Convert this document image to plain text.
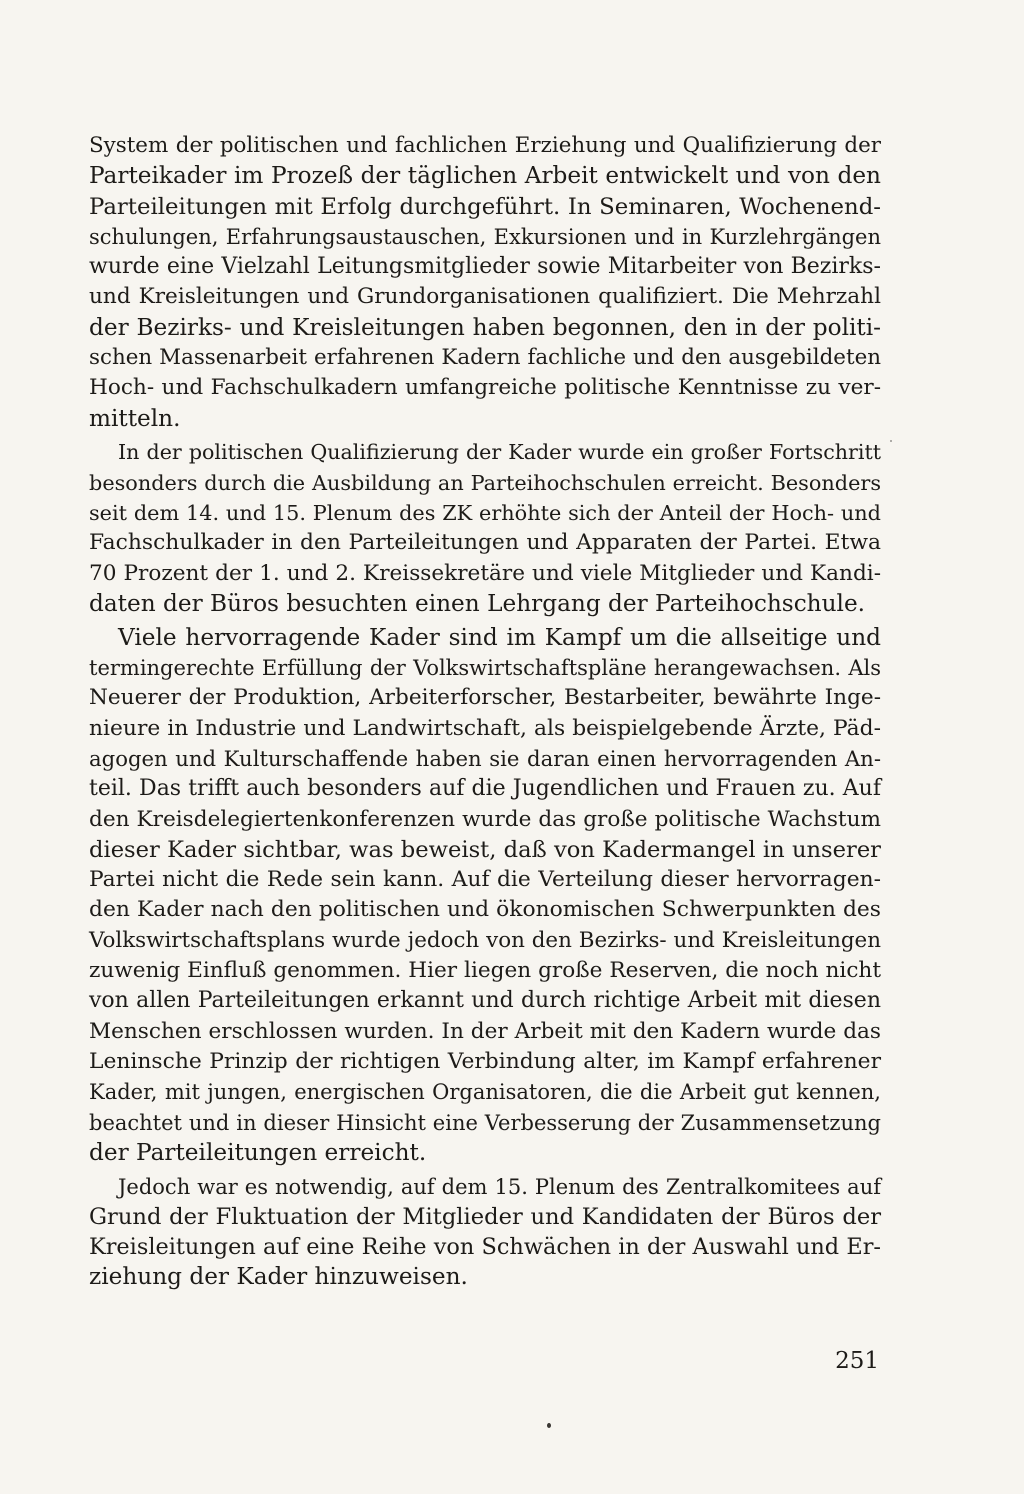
System der politischen und fachlichen Erziehung und Qualifizierung der
Parteikader im Prozeß der täglichen Arbeit entwickelt und von den
Parteileitungen mit Erfolg durchgeführt. In Seminaren, Wochenend-
schulungen, Erfahrungsaustauschen, Exkursionen und in Kurzlehrgängen
wurde eine Vielzahl Leitungsmitglieder sowie Mitarbeiter von Bezirks-
und Kreisleitungen und Grundorganisationen qualifiziert. Die Mehrzahl
der Bezirks- und Kreisleitungen haben begonnen, den in der politi-
schen Massenarbeit erfahrenen Kadern fachliche und den ausgebildeten
Hoch- und Fachschulkadern umfangreiche politische Kenntnisse zu ver-
mitteln.
In der politischen Qualifizierung der Kader wurde ein großer Fortschritt
besonders durch die Ausbildung an Parteihochschulen erreicht. Besonders
seit dem 14. und 15. Plenum des ZK erhöhte sich der Anteil der Hoch- und
Fachschulkader in den Parteileitungen und Apparaten der Partei. Etwa
70 Prozent der 1. und 2. Kreissekretäre und viele Mitglieder und Kandi-
daten der Büros besuchten einen Lehrgang der Parteihochschule.
Viele hervorragende Kader sind im Kampf um die allseitige und
termingerechte Erfüllung der Volkswirtschaftspläne herangewachsen. Als
Neuerer der Produktion, Arbeiterforscher, Bestarbeiter, bewährte Inge-
nieure in Industrie und Landwirtschaft, als beispielgebende Ärzte, Päd-
agogen und Kulturschaffende haben sie daran einen hervorragenden An-
teil. Das trifft auch besonders auf die Jugendlichen und Frauen zu. Auf
den Kreisdelegiertenkonferenzen wurde das große politische Wachstum
dieser Kader sichtbar, was beweist, daß von Kadermangel in unserer
Partei nicht die Rede sein kann. Auf die Verteilung dieser hervorragen-
den Kader nach den politischen und ökonomischen Schwerpunkten des
Volkswirtschaftsplans wurde jedoch von den Bezirks- und Kreisleitungen
zuwenig Einfluß genommen. Hier liegen große Reserven, die noch nicht
von allen Parteileitungen erkannt und durch richtige Arbeit mit diesen
Menschen erschlossen wurden. In der Arbeit mit den Kadern wurde das
Leninsche Prinzip der richtigen Verbindung alter, im Kampf erfahrener
Kader, mit jungen, energischen Organisatoren, die die Arbeit gut kennen,
beachtet und in dieser Hinsicht eine Verbesserung der Zusammensetzung
der Parteileitungen erreicht.
Jedoch war es notwendig, auf dem 15. Plenum des Zentralkomitees auf
Grund der Fluktuation der Mitglieder und Kandidaten der Büros der
Kreisleitungen auf eine Reihe von Schwächen in der Auswahl und Er-
ziehung der Kader hinzuweisen.
251
